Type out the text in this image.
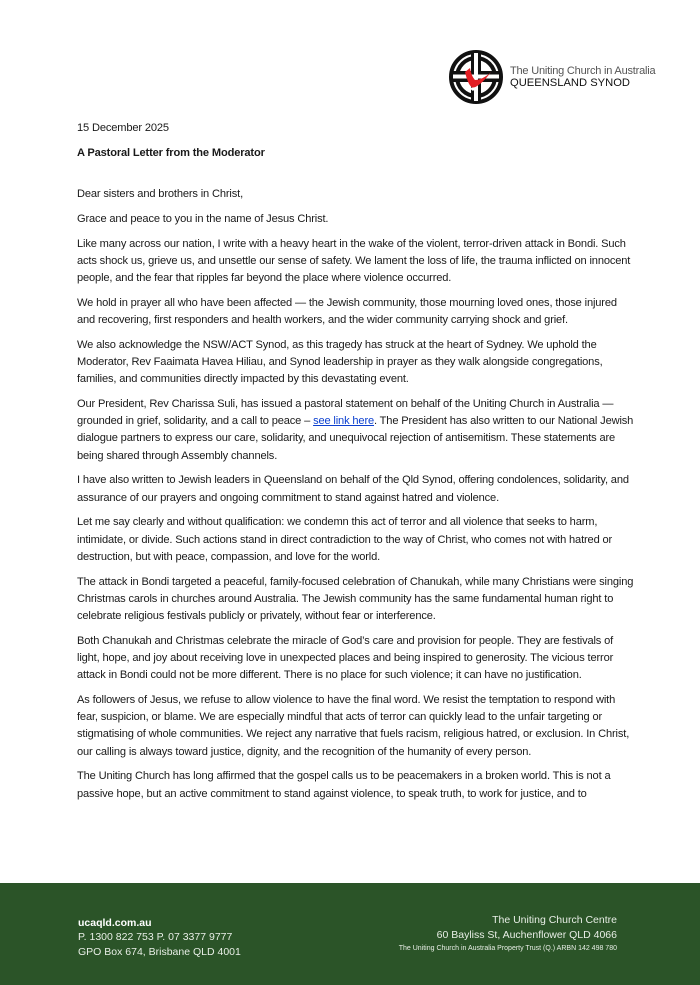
The Uniting Church in Australia
QUEENSLAND SYNOD

15 December 2025

A Pastoral Letter from the Moderator

Dear sisters and brothers in Christ,

Grace and peace to you in the name of Jesus Christ.

Like many across our nation, I write with a heavy heart in the wake of the violent, terror-driven attack in Bondi. Such acts shock us, grieve us, and unsettle our sense of safety. We lament the loss of life, the trauma inflicted on innocent people, and the fear that ripples far beyond the place where violence occurred.

We hold in prayer all who have been affected — the Jewish community, those mourning loved ones, those injured and recovering, first responders and health workers, and the wider community carrying shock and grief.

We also acknowledge the NSW/ACT Synod, as this tragedy has struck at the heart of Sydney. We uphold the Moderator, Rev Faaimata Havea Hiliau, and Synod leadership in prayer as they walk alongside congregations, families, and communities directly impacted by this devastating event.

Our President, Rev Charissa Suli, has issued a pastoral statement on behalf of the Uniting Church in Australia — grounded in grief, solidarity, and a call to peace – see link here. The President has also written to our National Jewish dialogue partners to express our care, solidarity, and unequivocal rejection of antisemitism. These statements are being shared through Assembly channels.

I have also written to Jewish leaders in Queensland on behalf of the Qld Synod, offering condolences, solidarity, and assurance of our prayers and ongoing commitment to stand against hatred and violence.

Let me say clearly and without qualification: we condemn this act of terror and all violence that seeks to harm, intimidate, or divide. Such actions stand in direct contradiction to the way of Christ, who comes not with hatred or destruction, but with peace, compassion, and love for the world.

The attack in Bondi targeted a peaceful, family-focused celebration of Chanukah, while many Christians were singing Christmas carols in churches around Australia. The Jewish community has the same fundamental human right to celebrate religious festivals publicly or privately, without fear or interference.

Both Chanukah and Christmas celebrate the miracle of God’s care and provision for people. They are festivals of light, hope, and joy about receiving love in unexpected places and being inspired to generosity. The vicious terror attack in Bondi could not be more different. There is no place for such violence; it can have no justification.

As followers of Jesus, we refuse to allow violence to have the final word. We resist the temptation to respond with fear, suspicion, or blame. We are especially mindful that acts of terror can quickly lead to the unfair targeting or stigmatising of whole communities. We reject any narrative that fuels racism, religious hatred, or exclusion. In Christ, our calling is always toward justice, dignity, and the recognition of the humanity of every person.

The Uniting Church has long affirmed that the gospel calls us to be peacemakers in a broken world. This is not a passive hope, but an active commitment to stand against violence, to speak truth, to work for justice, and to

ucaqld.com.au
P. 1300 822 753 P. 07 3377 9777
GPO Box 674, Brisbane QLD 4001
The Uniting Church Centre
60 Bayliss St, Auchenflower QLD 4066
The Uniting Church in Australia Property Trust (Q.) ARBN 142 498 780
